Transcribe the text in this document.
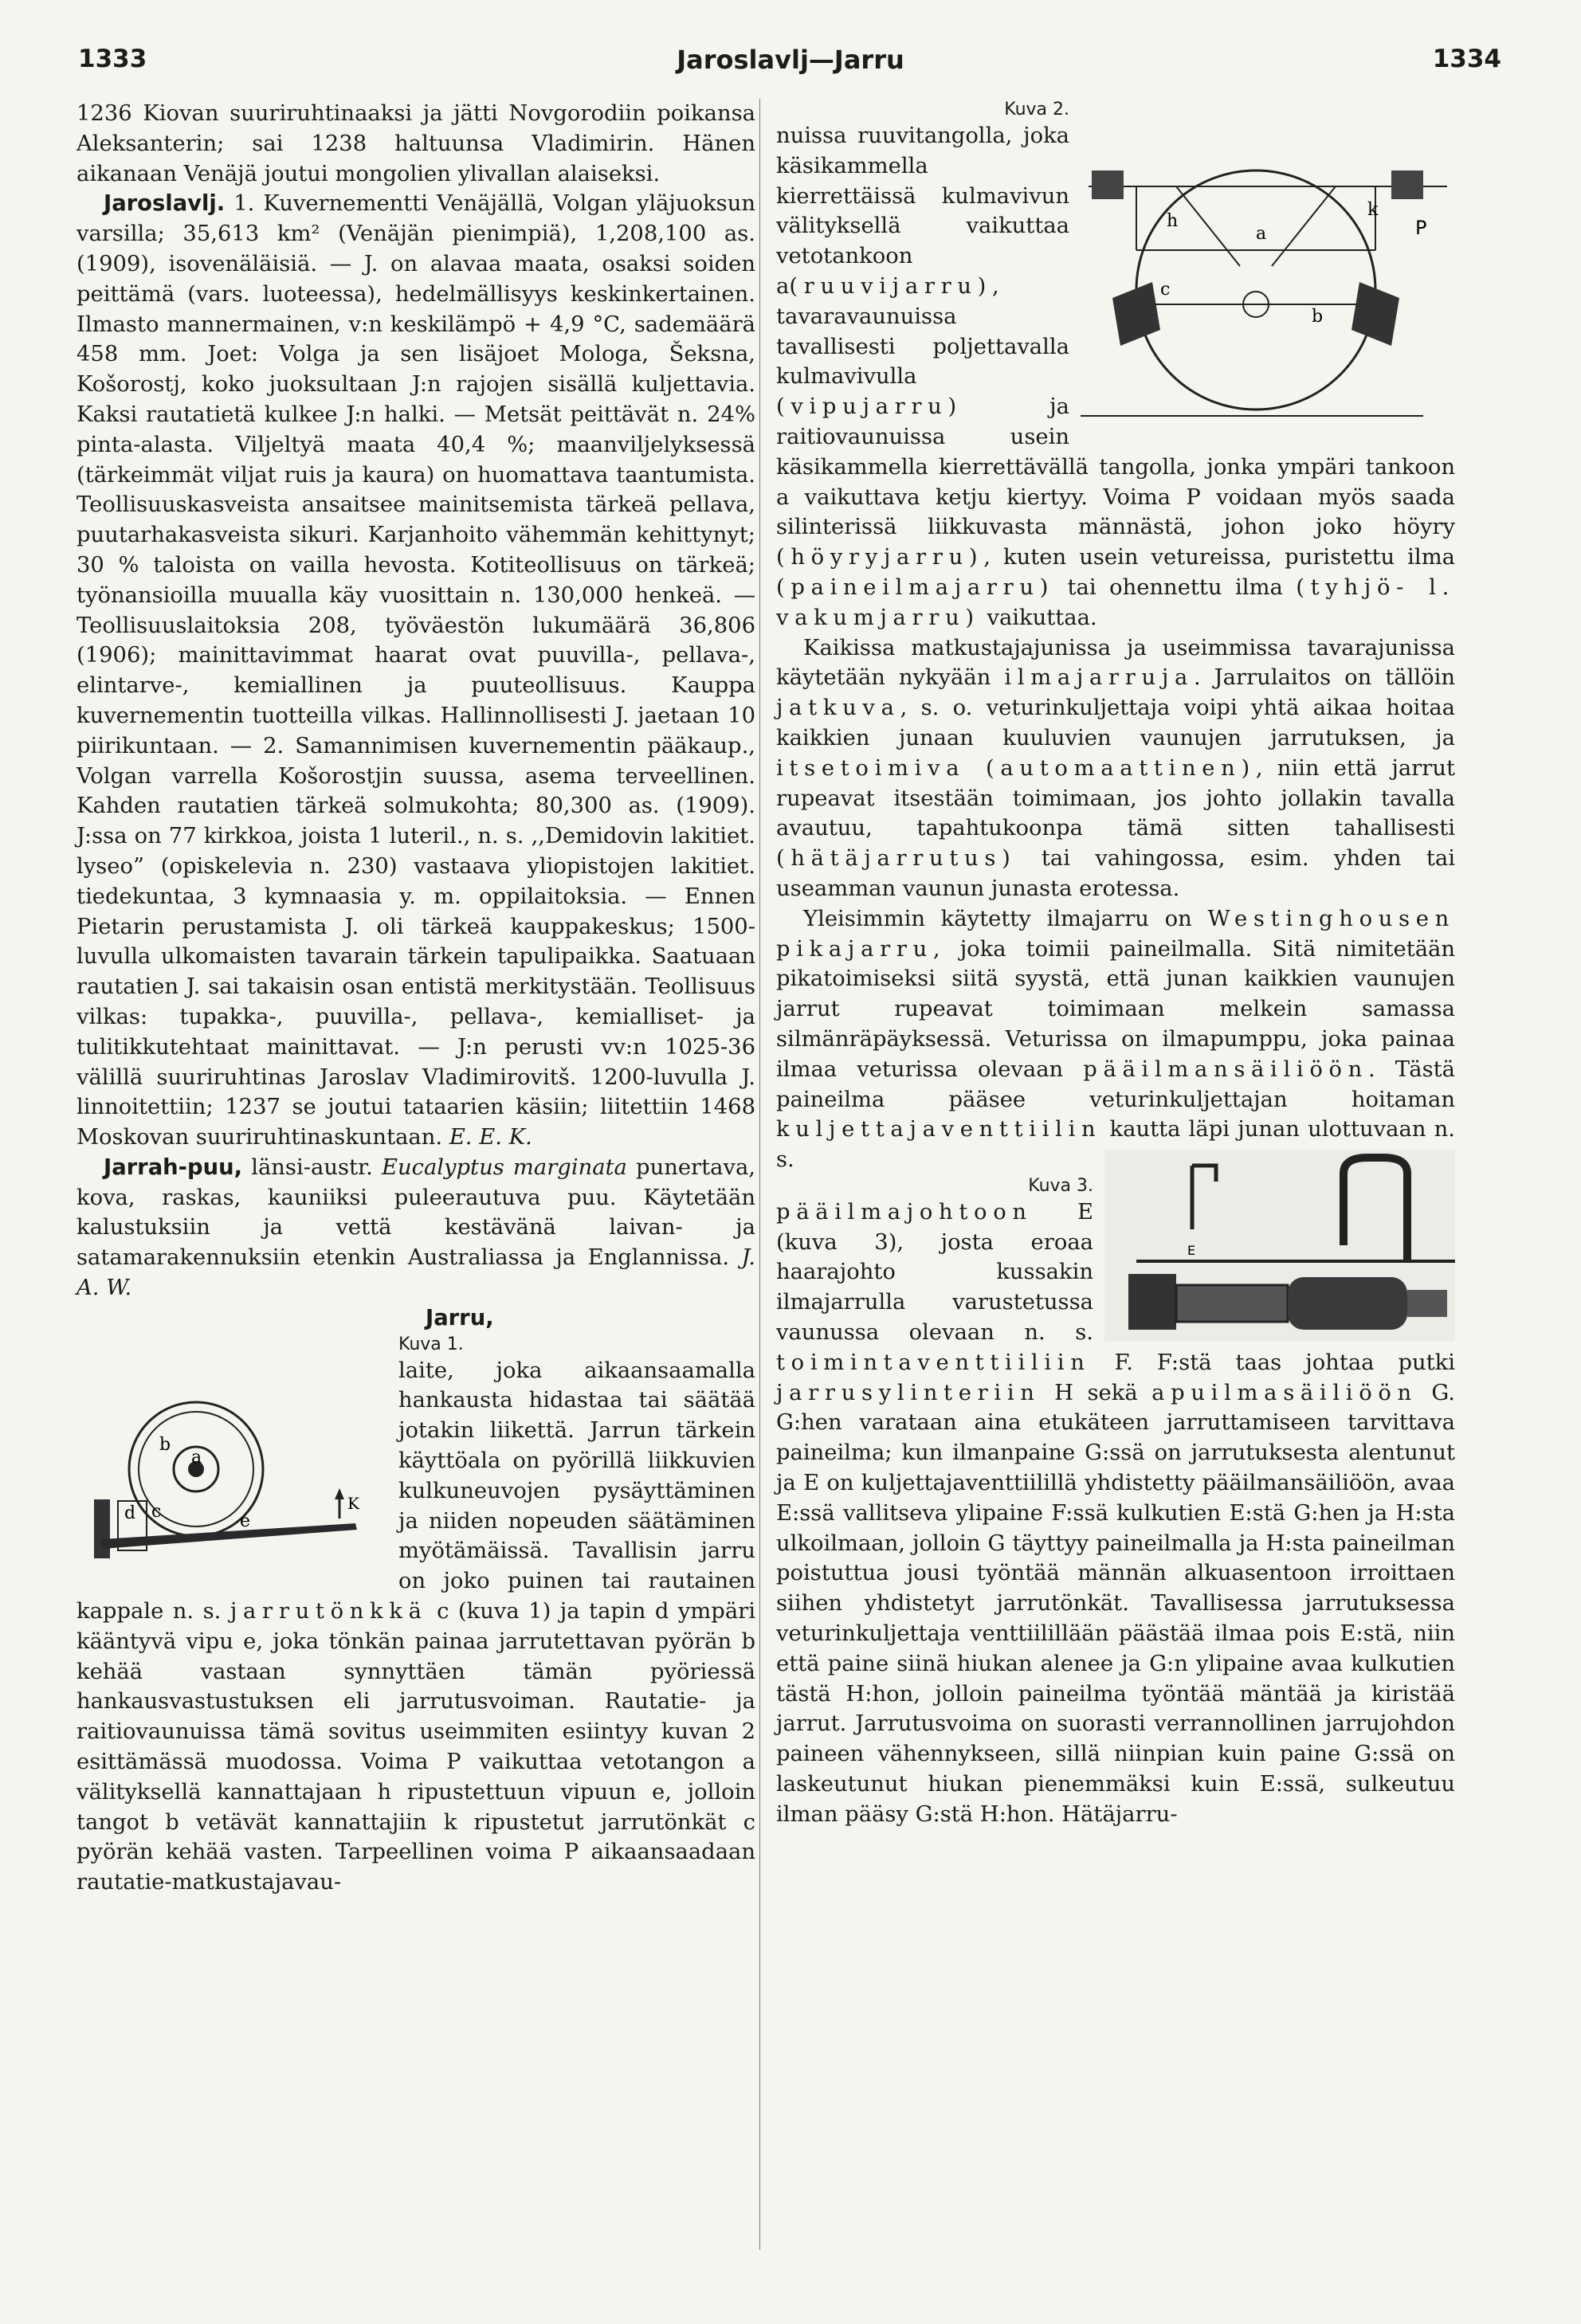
1333	Jaroslavlj—Jarru	1334

1236 Kiovan suuriruhtinaaksi ja jätti Novgorodiin poikansa Aleksanterin; sai 1238 haltuunsa Vladimirin. Hänen aikanaan Venäjä joutui mongolien ylivallan alaiseksi.

Jaroslavlj. 1. Kuvernementti Venäjällä, Volgan yläjuoksun varsilla; 35,613 km² (Venäjän pienimpiä), 1,208,100 as. (1909), isovenäläisiä. — J. on alavaa maata, osaksi soiden peittämä (vars. luoteessa), hedelmällisyys keskinkertainen. Ilmasto mannermainen, v:n keskilämpö + 4,9 °C, sademäärä 458 mm. Joet: Volga ja sen lisäjoet Mologa, Šeksna, Košorostj, koko juoksultaan J:n rajojen sisällä kuljettavia. Kaksi rautatietä kulkee J:n halki. — Metsät peittävät n. 24% pinta-alasta. Viljeltyä maata 40,4 %; maanviljelyksessä (tärkeimmät viljat ruis ja kaura) on huomattava taantumista. Teollisuuskasveista ansaitsee mainitsemista tärkeä pellava, puutarhakasveista sikuri. Karjanhoito vähemmän kehittynyt; 30 % taloista on vailla hevosta. Kotiteollisuus on tärkeä; työnansioilla muualla käy vuosittain n. 130,000 henkeä. — Teollisuuslaitoksia 208, työväestön lukumäärä 36,806 (1906); mainittavimmat haarat ovat puuvilla-, pellava-, elintarve-, kemiallinen ja puuteollisuus. Kauppa kuvernementin tuotteilla vilkas. Hallinnollisesti J. jaetaan 10 piirikuntaan. — 2. Samannimisen kuvernementin pääkaup., Volgan varrella Košorostjin suussa, asema terveellinen. Kahden rautatien tärkeä solmukohta; 80,300 as. (1909). J:ssa on 77 kirkkoa, joista 1 luteril., n. s. ,,Demidovin lakitiet. lyseo” (opiskelevia n. 230) vastaava yliopistojen lakitiet. tiedekuntaa, 3 kymnaasia y. m. oppilaitoksia. — Ennen Pietarin perustamista J. oli tärkeä kauppakeskus; 1500-luvulla ulkomaisten tavarain tärkein tapulipaikka. Saatuaan rautatien J. sai takaisin osan entistä merkitystään. Teollisuus vilkas: tupakka-, puuvilla-, pellava-, kemialliset- ja tulitikkutehtaat mainittavat. — J:n perusti vv:n 1025-36 välillä suuriruhtinas Jaroslav Vladimirovitš. 1200-luvulla J. linnoitettiin; 1237 se joutui tataarien käsiin; liitettiin 1468 Moskovan suuriruhtinaskuntaan. E. E. K.

Jarrah-puu, länsi-austr. Eucalyptus marginata punertava, kova, raskas, kauniiksi puleerautuva puu. Käytetään kalustuksiin ja vettä kestävänä laivan- ja satamarakennuksiin etenkin Australiassa ja Englannissa. J. A. W.

Jarru,
b
a
c
d	e
K

Kuva 1.
laite, joka aikaansaamalla hankausta hidastaa tai säätää jotakin liikettä. Jarrun tärkein käyttöala on pyörillä liikkuvien kulkuneuvojen pysäyttäminen ja niiden nopeuden säätäminen myötämäissä. Tavallisin jarru on joko puinen tai rautainen kappale n. s. jarrutönkkä c (kuva 1) ja tapin d ympäri kääntyvä vipu e, joka tönkän painaa jarrutettavan pyörän b kehää vastaan synnyttäen tämän pyöriessä hankausvastustuksen eli jarrutusvoiman. Rautatie- ja raitiovaunuissa tämä sovitus useimmiten esiintyy kuvan 2 esittämässä muodossa. Voima P vaikuttaa vetotangon a välityksellä kannattajaan h ripustettuun vipuun e, jolloin tangot b vetävät kannattajiin k ripustetut jarrutönkät c pyörän kehää vasten. Tarpeellinen voima P aikaansaadaan rautatie-matkustajavau-

h
a
k
P
c
b

Kuva 2.
nuissa ruuvitangolla, joka käsikammella kierrettäissä kulmavivun välityksellä vaikuttaa vetotankoon a(ruuvijarru), tavaravaunuissa tavallisesti poljettavalla kulmavivulla (vipujarru)	ja raitiovaunuissa usein käsikammella kierrettävällä tangolla, jonka ympäri tankoon a vaikuttava ketju kiertyy. Voima P voidaan myös saada silinterissä liikkuvasta männästä, johon joko höyry (höyryjarru), kuten usein vetureissa, puristettu ilma (paineilmajarru) tai ohennettu ilma (tyhjö- l. vakumjarru) vaikuttaa.

Kaikissa matkustajajunissa ja useimmissa tavarajunissa käytetään nykyään ilmajarruja. Jarrulaitos on tällöin jatkuva, s. o. veturinkuljettaja voipi yhtä aikaa hoitaa kaikkien junaan kuuluvien vaunujen jarrutuksen, ja itsetoimiva (automaattinen), niin että jarrut rupeavat itsestään toimimaan, jos johto jollakin tavalla avautuu, tapahtukoonpa tämä sitten tahallisesti (hätäjarrutus) tai vahingossa, esim. yhden tai useamman vaunun junasta erotessa.

Yleisimmin käytetty ilmajarru on Westinghousen pikajarru, joka toimii paineilmalla. Sitä nimitetään pikatoimiseksi siitä syystä, että junan kaikkien vaunujen jarrut rupeavat toimimaan melkein samassa silmänräpäyksessä. Veturissa on ilmapumppu, joka painaa ilmaa veturissa olevaan pääilmansäiliöön. Tästä paineilma pääsee veturinkuljettajan hoitaman kuljettajaventtiilin kautta läpi junan ulottuvaan n. s.
E

Kuva 3.
pääilmajohtoon E (kuva 3), josta eroaa haarajohto kussakin ilmajarrulla varustetussa vaunussa olevaan n. s. toimintaventtiiliin F. F:stä taas johtaa putki jarrusylinteriin H sekä apuilmasäiliöön G. G:hen varataan aina etukäteen jarruttamiseen tarvittava paineilma; kun ilmanpaine G:ssä on jarrutuksesta alentunut ja E on kuljettajaventtiilillä yhdistetty pääilmansäiliöön, avaa E:ssä vallitseva ylipaine F:ssä kulkutien E:stä G:hen ja H:sta ulkoilmaan, jolloin G täyttyy paineilmalla ja H:sta paineilman poistuttua jousi työntää männän alkuasentoon irroittaen siihen yhdistetyt jarrutönkät. Tavallisessa jarrutuksessa veturinkuljettaja venttiilillään päästää ilmaa pois E:stä, niin että paine siinä hiukan alenee ja G:n ylipaine avaa kulkutien tästä H:hon, jolloin paineilma työntää mäntää ja kiristää jarrut. Jarrutusvoima on suorasti verrannollinen jarrujohdon paineen vähennykseen, sillä niinpian kuin paine G:ssä on laskeutunut hiukan pienemmäksi kuin E:ssä, sulkeutuu ilman pääsy G:stä H:hon. Hätäjarru-
